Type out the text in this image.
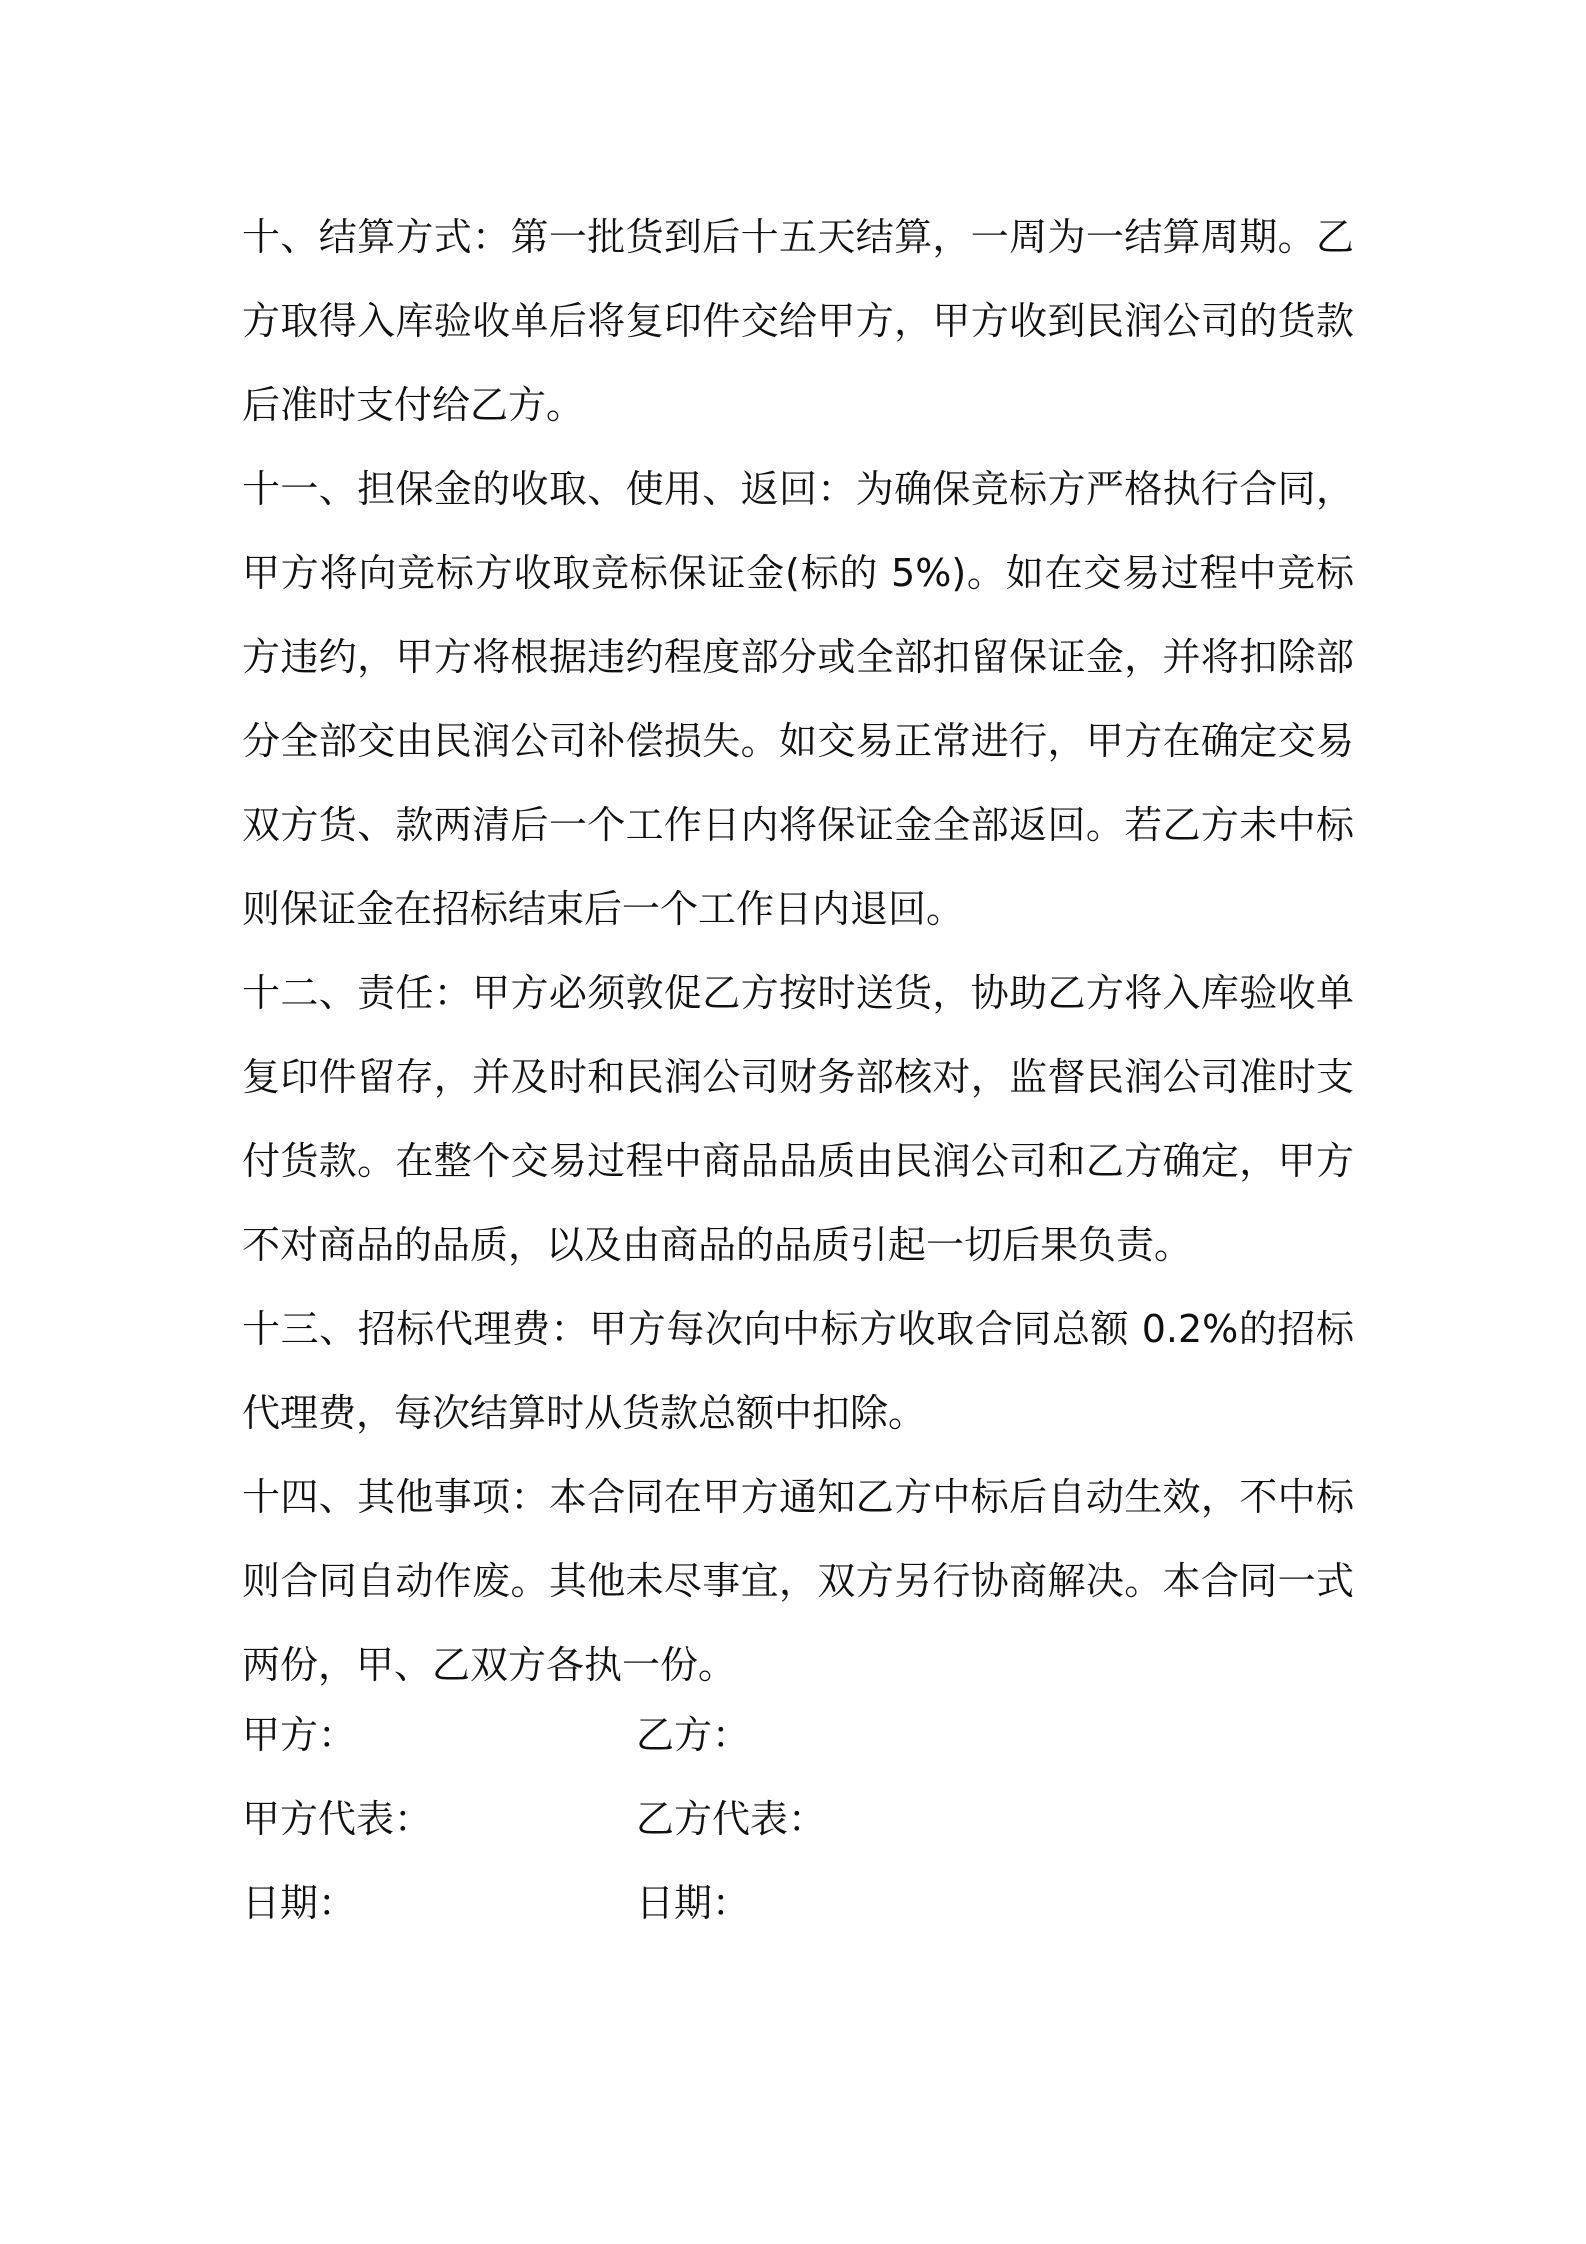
十、结算方式：第一批货到后十五天结算，一周为一结算周期。乙方取得入库验收单后将复印件交给甲方，甲方收到民润公司的货款后准时支付给乙方。

十一、担保金的收取、使用、返回：为确保竞标方严格执行合同，甲方将向竞标方收取竞标保证金(标的 5%)。如在交易过程中竞标方违约，甲方将根据违约程度部分或全部扣留保证金，并将扣除部分全部交由民润公司补偿损失。如交易正常进行，甲方在确定交易双方货、款两清后一个工作日内将保证金全部返回。若乙方未中标则保证金在招标结束后一个工作日内退回。

十二、责任：甲方必须敦促乙方按时送货，协助乙方将入库验收单复印件留存，并及时和民润公司财务部核对，监督民润公司准时支付货款。在整个交易过程中商品品质由民润公司和乙方确定，甲方不对商品的品质，以及由商品的品质引起一切后果负责。

十三、招标代理费：甲方每次向中标方收取合同总额 0.2%的招标代理费，每次结算时从货款总额中扣除。

十四、其他事项：本合同在甲方通知乙方中标后自动生效，不中标则合同自动作废。其他未尽事宜，双方另行协商解决。本合同一式两份，甲、乙双方各执一份。

甲方：	乙方：
甲方代表：	乙方代表：
日期：	日期：
